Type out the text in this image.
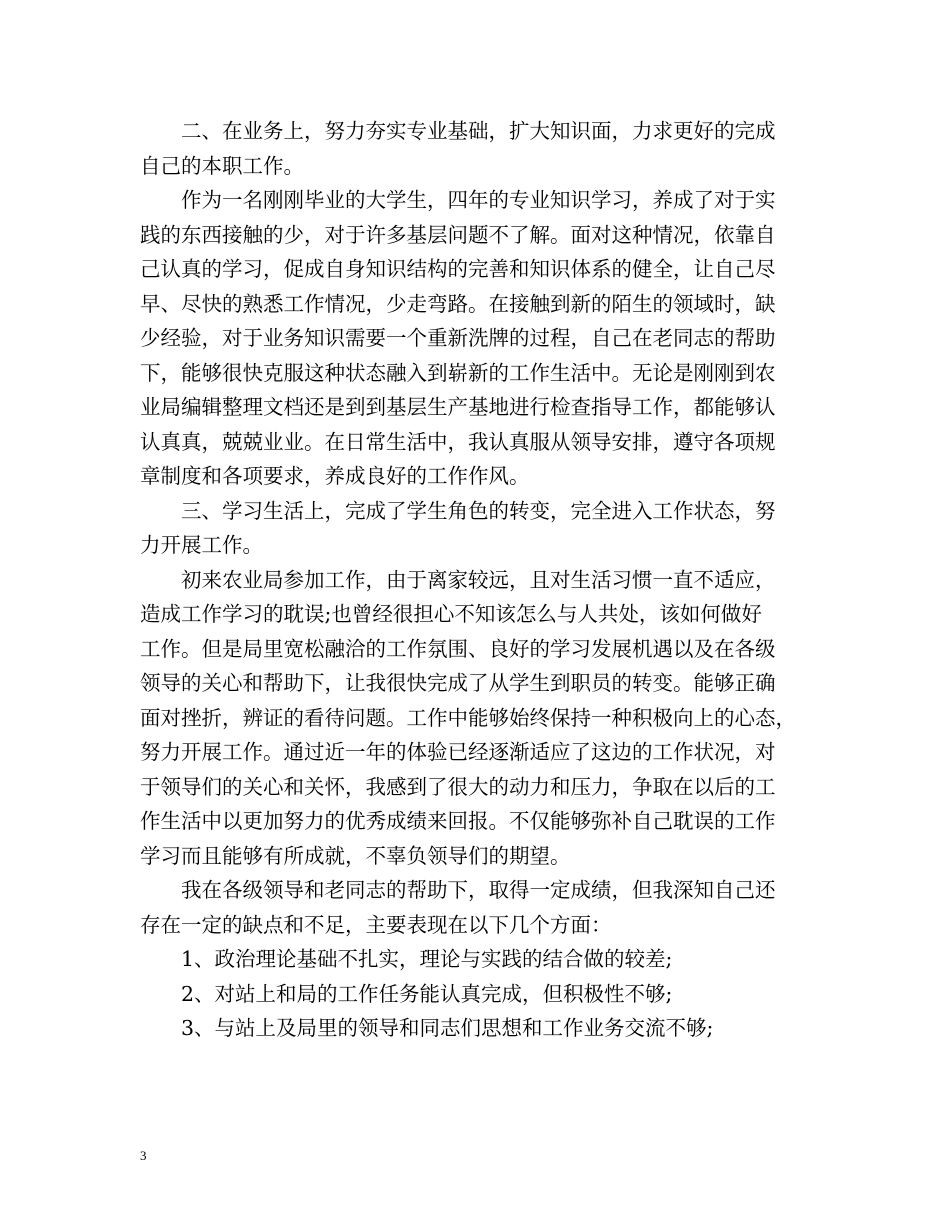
二、在业务上，努力夯实专业基础，扩大知识面，力求更好的完成
自己的本职工作。
作为一名刚刚毕业的大学生，四年的专业知识学习，养成了对于实
践的东西接触的少，对于许多基层问题不了解。面对这种情况，依靠自
己认真的学习，促成自身知识结构的完善和知识体系的健全，让自己尽
早、尽快的熟悉工作情况，少走弯路。在接触到新的陌生的领域时，缺
少经验，对于业务知识需要一个重新洗牌的过程，自己在老同志的帮助
下，能够很快克服这种状态融入到崭新的工作生活中。无论是刚刚到农
业局编辑整理文档还是到到基层生产基地进行检查指导工作，都能够认
认真真，兢兢业业。在日常生活中，我认真服从领导安排，遵守各项规
章制度和各项要求，养成良好的工作作风。
三、学习生活上，完成了学生角色的转变，完全进入工作状态，努
力开展工作。
初来农业局参加工作，由于离家较远，且对生活习惯一直不适应，
造成工作学习的耽误;也曾经很担心不知该怎么与人共处，该如何做好
工作。但是局里宽松融洽的工作氛围、良好的学习发展机遇以及在各级
领导的关心和帮助下，让我很快完成了从学生到职员的转变。能够正确
面对挫折，辨证的看待问题。工作中能够始终保持一种积极向上的心态，
努力开展工作。通过近一年的体验已经逐渐适应了这边的工作状况，对
于领导们的关心和关怀，我感到了很大的动力和压力，争取在以后的工
作生活中以更加努力的优秀成绩来回报。不仅能够弥补自己耽误的工作
学习而且能够有所成就，不辜负领导们的期望。
我在各级领导和老同志的帮助下，取得一定成绩，但我深知自己还
存在一定的缺点和不足，主要表现在以下几个方面：
1、政治理论基础不扎实，理论与实践的结合做的较差;
2、对站上和局的工作任务能认真完成，但积极性不够;
3、与站上及局里的领导和同志们思想和工作业务交流不够;
3
